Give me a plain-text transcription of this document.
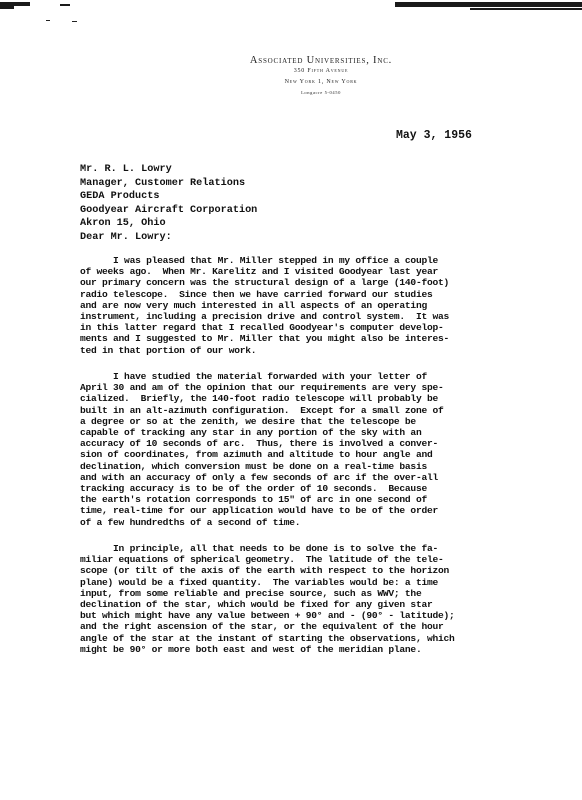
Associated Universities, Inc.
350 Fifth Avenue
New York 1, New York
Longacre 5-0450
May 3, 1956
Mr. R. L. Lowry
Manager, Customer Relations
GEDA Products
Goodyear Aircraft Corporation
Akron 15, Ohio
Dear Mr. Lowry:
I was pleased that Mr. Miller stepped in my office a couple
of weeks ago.  When Mr. Karelitz and I visited Goodyear last year
our primary concern was the structural design of a large (140-foot)
radio telescope.  Since then we have carried forward our studies
and are now very much interested in all aspects of an operating
instrument, including a precision drive and control system.  It was
in this latter regard that I recalled Goodyear's computer develop-
ments and I suggested to Mr. Miller that you might also be interes-
ted in that portion of our work.
I have studied the material forwarded with your letter of
April 30 and am of the opinion that our requirements are very spe-
cialized.  Briefly, the 140-foot radio telescope will probably be
built in an alt-azimuth configuration.  Except for a small zone of
a degree or so at the zenith, we desire that the telescope be
capable of tracking any star in any portion of the sky with an
accuracy of 10 seconds of arc.  Thus, there is involved a conver-
sion of coordinates, from azimuth and altitude to hour angle and
declination, which conversion must be done on a real-time basis
and with an accuracy of only a few seconds of arc if the over-all
tracking accuracy is to be of the order of 10 seconds.  Because
the earth's rotation corresponds to 15" of arc in one second of
time, real-time for our application would have to be of the order
of a few hundredths of a second of time.
In principle, all that needs to be done is to solve the fa-
miliar equations of spherical geometry.  The latitude of the tele-
scope (or tilt of the axis of the earth with respect to the horizon
plane) would be a fixed quantity.  The variables would be: a time
input, from some reliable and precise source, such as WWV; the
declination of the star, which would be fixed for any given star
but which might have any value between + 90° and - (90° - latitude);
and the right ascension of the star, or the equivalent of the hour
angle of the star at the instant of starting the observations, which
might be 90° or more both east and west of the meridian plane.
